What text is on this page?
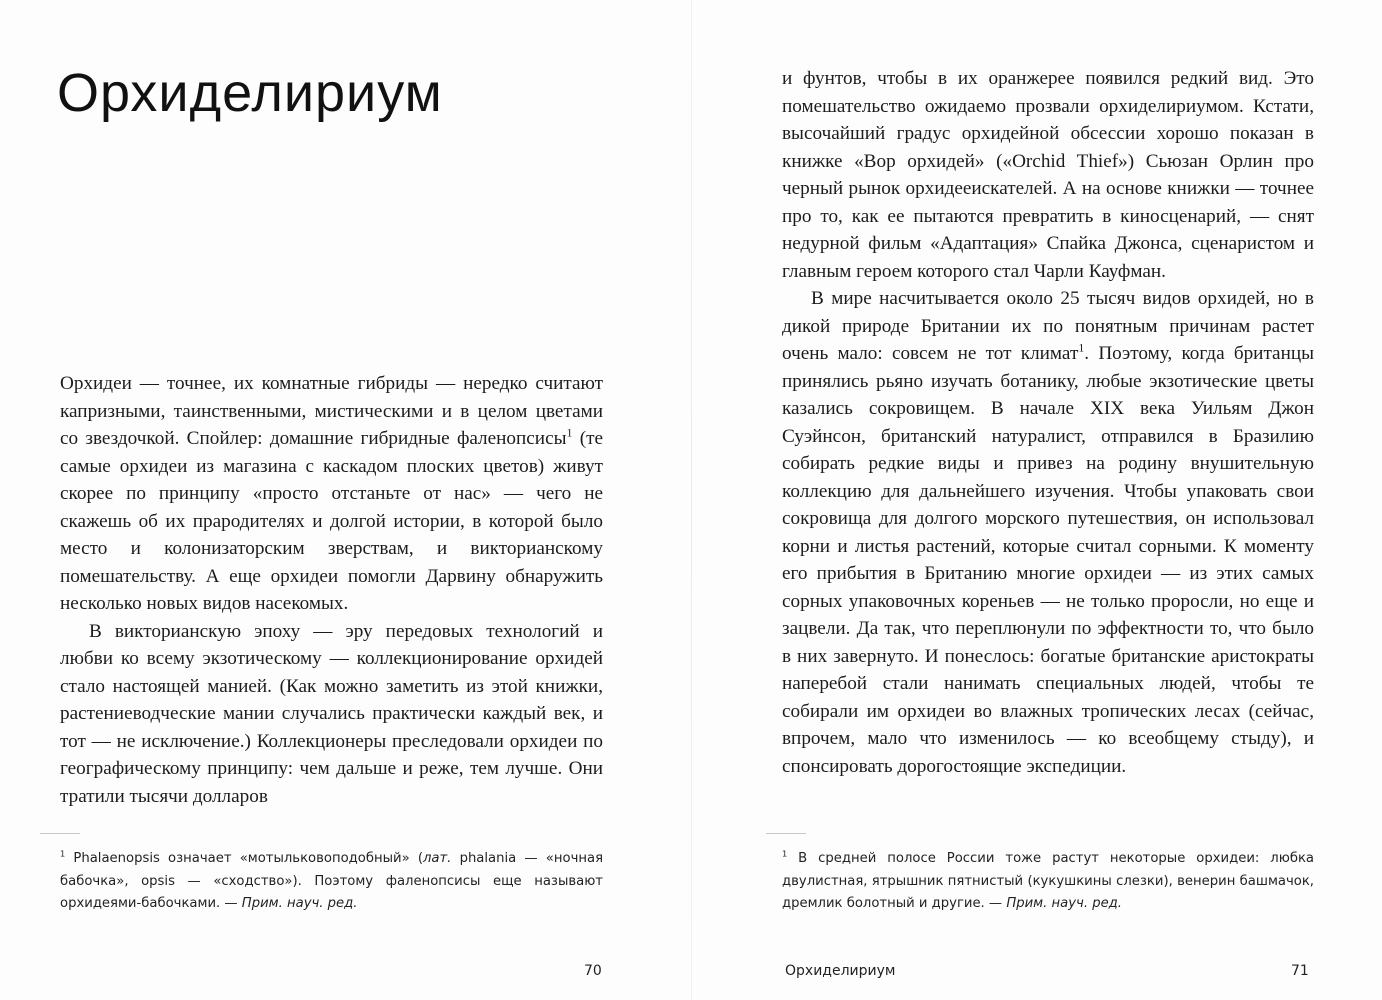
Орхиделириум

Орхидеи — точнее, их комнатные гибриды — нередко считают капризными, таинственными, мистическими и в целом цветами со звездочкой. Спойлер: домашние гибридные фаленопсисы$^1$ (те самые орхидеи из магазина с каскадом плоских цветов) живут скорее по принципу «просто отстаньте от нас» — чего не скажешь об их прародителях и долгой истории, в которой было место и колонизаторским зверствам, и викторианскому помешательству. А еще орхидеи помогли Дарвину обнаружить несколько новых видов насекомых.

В викторианскую эпоху — эру передовых технологий и любви ко всему экзотическому — коллекционирование орхидей стало настоящей манией. (Как можно заметить из этой книжки, растениеводческие мании случались практически каждый век, и тот — не исключение.) Коллекционеры преследовали орхидеи по географическому принципу: чем дальше и реже, тем лучше. Они тратили тысячи долларов

$^1$ Phalaenopsis означает «мотыльковоподобный» (лат. phalania — «ночная бабочка», opsis — «сходство»). Поэтому фаленопсисы еще называют орхидеями-бабочками. — Прим. науч. ред.
70

и фунтов, чтобы в их оранжерее появился редкий вид. Это помешательство ожидаемо прозвали орхиделириумом. Кстати, высочайший градус орхидейной обсессии хорошо показан в книжке «Вор орхидей» («Orchid Thief») Сьюзан Орлин про черный рынок орхидееискателей. А на основе книжки — точнее про то, как ее пытаются превратить в киносценарий, — снят недурной фильм «Адаптация» Спайка Джонса, сценаристом и главным героем которого стал Чарли Кауфман.

В мире насчитывается около 25 тысяч видов орхидей, но в дикой природе Британии их по понятным причинам растет очень мало: совсем не тот климат$^1$. Поэтому, когда британцы принялись рьяно изучать ботанику, любые экзотические цветы казались сокровищем. В начале XIX века Уильям Джон Суэйнсон, британский натуралист, отправился в Бразилию собирать редкие виды и привез на родину внушительную коллекцию для дальнейшего изучения. Чтобы упаковать свои сокровища для долгого морского путешествия, он использовал корни и листья растений, которые считал сорными. К моменту его прибытия в Британию многие орхидеи — из этих самых сорных упаковочных кореньев — не только проросли, но еще и зацвели. Да так, что переплюнули по эффектности то, что было в них завернуто. И понеслось: богатые британские аристократы наперебой стали нанимать специальных людей, чтобы те собирали им орхидеи во влажных тропических лесах (сейчас, впрочем, мало что изменилось — ко всеобщему стыду), и спонсировать дорогостоящие экспедиции.

$^1$ В средней полосе России тоже растут некоторые орхидеи: любка двулистная, ятрышник пятнистый (кукушкины слезки), венерин башмачок, дремлик болотный и другие. — Прим. науч. ред.
Орхиделириум	71
